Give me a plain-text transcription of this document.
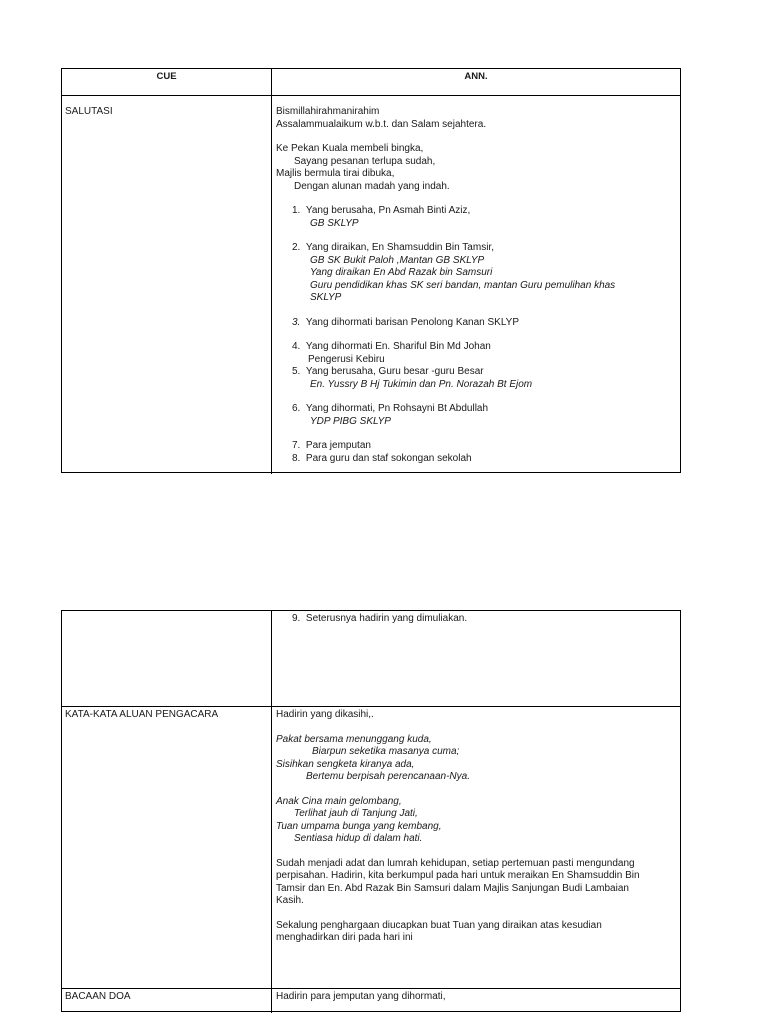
CUE	ANN.
SALUTASI	Bismillahirahmanirahim
Assalammualaikum w.b.t. dan Salam sejahtera.
Ke Pekan Kuala membeli bingka,
Sayang pesanan terlupa sudah,
Majlis bermula tirai dibuka,
Dengan alunan madah yang indah.
1. Yang berusaha, Pn Asmah Binti Aziz,
GB SKLYP
2. Yang diraikan, En Shamsuddin Bin Tamsir,
GB SK Bukit Paloh ,Mantan GB SKLYP
Yang diraikan En Abd Razak bin Samsuri
Guru pendidikan khas SK seri bandan, mantan Guru pemulihan khas
SKLYP
3. Yang dihormati barisan Penolong Kanan SKLYP
4. Yang dihormati En. Shariful Bin Md Johan
Pengerusi Kebiru
5. Yang berusaha, Guru besar -guru Besar
En. Yussry B Hj Tukimin dan Pn. Norazah Bt Ejom
6. Yang dihormati, Pn Rohsayni Bt Abdullah
YDP PIBG SKLYP
7. Para jemputan
8. Para guru dan staf sokongan sekolah
9. Seterusnya hadirin yang dimuliakan.
KATA-KATA ALUAN PENGACARA	Hadirin yang dikasihi,.
Pakat bersama menunggang kuda,
Biarpun seketika masanya cuma;
Sisihkan sengketa kiranya ada,
Bertemu berpisah perencanaan-Nya.
Anak Cina main gelombang,
Terlihat jauh di Tanjung Jati,
Tuan umpama bunga yang kembang,
Sentiasa hidup di dalam hati.
Sudah menjadi adat dan lumrah kehidupan, setiap pertemuan pasti mengundang
perpisahan. Hadirin, kita berkumpul pada hari untuk meraikan En Shamsuddin Bin
Tamsir dan En. Abd Razak Bin Samsuri dalam Majlis Sanjungan Budi Lambaian
Kasih.
Sekalung penghargaan diucapkan buat Tuan yang diraikan atas kesudian
menghadirkan diri pada hari ini
BACAAN DOA	Hadirin para jemputan yang dihormati,
